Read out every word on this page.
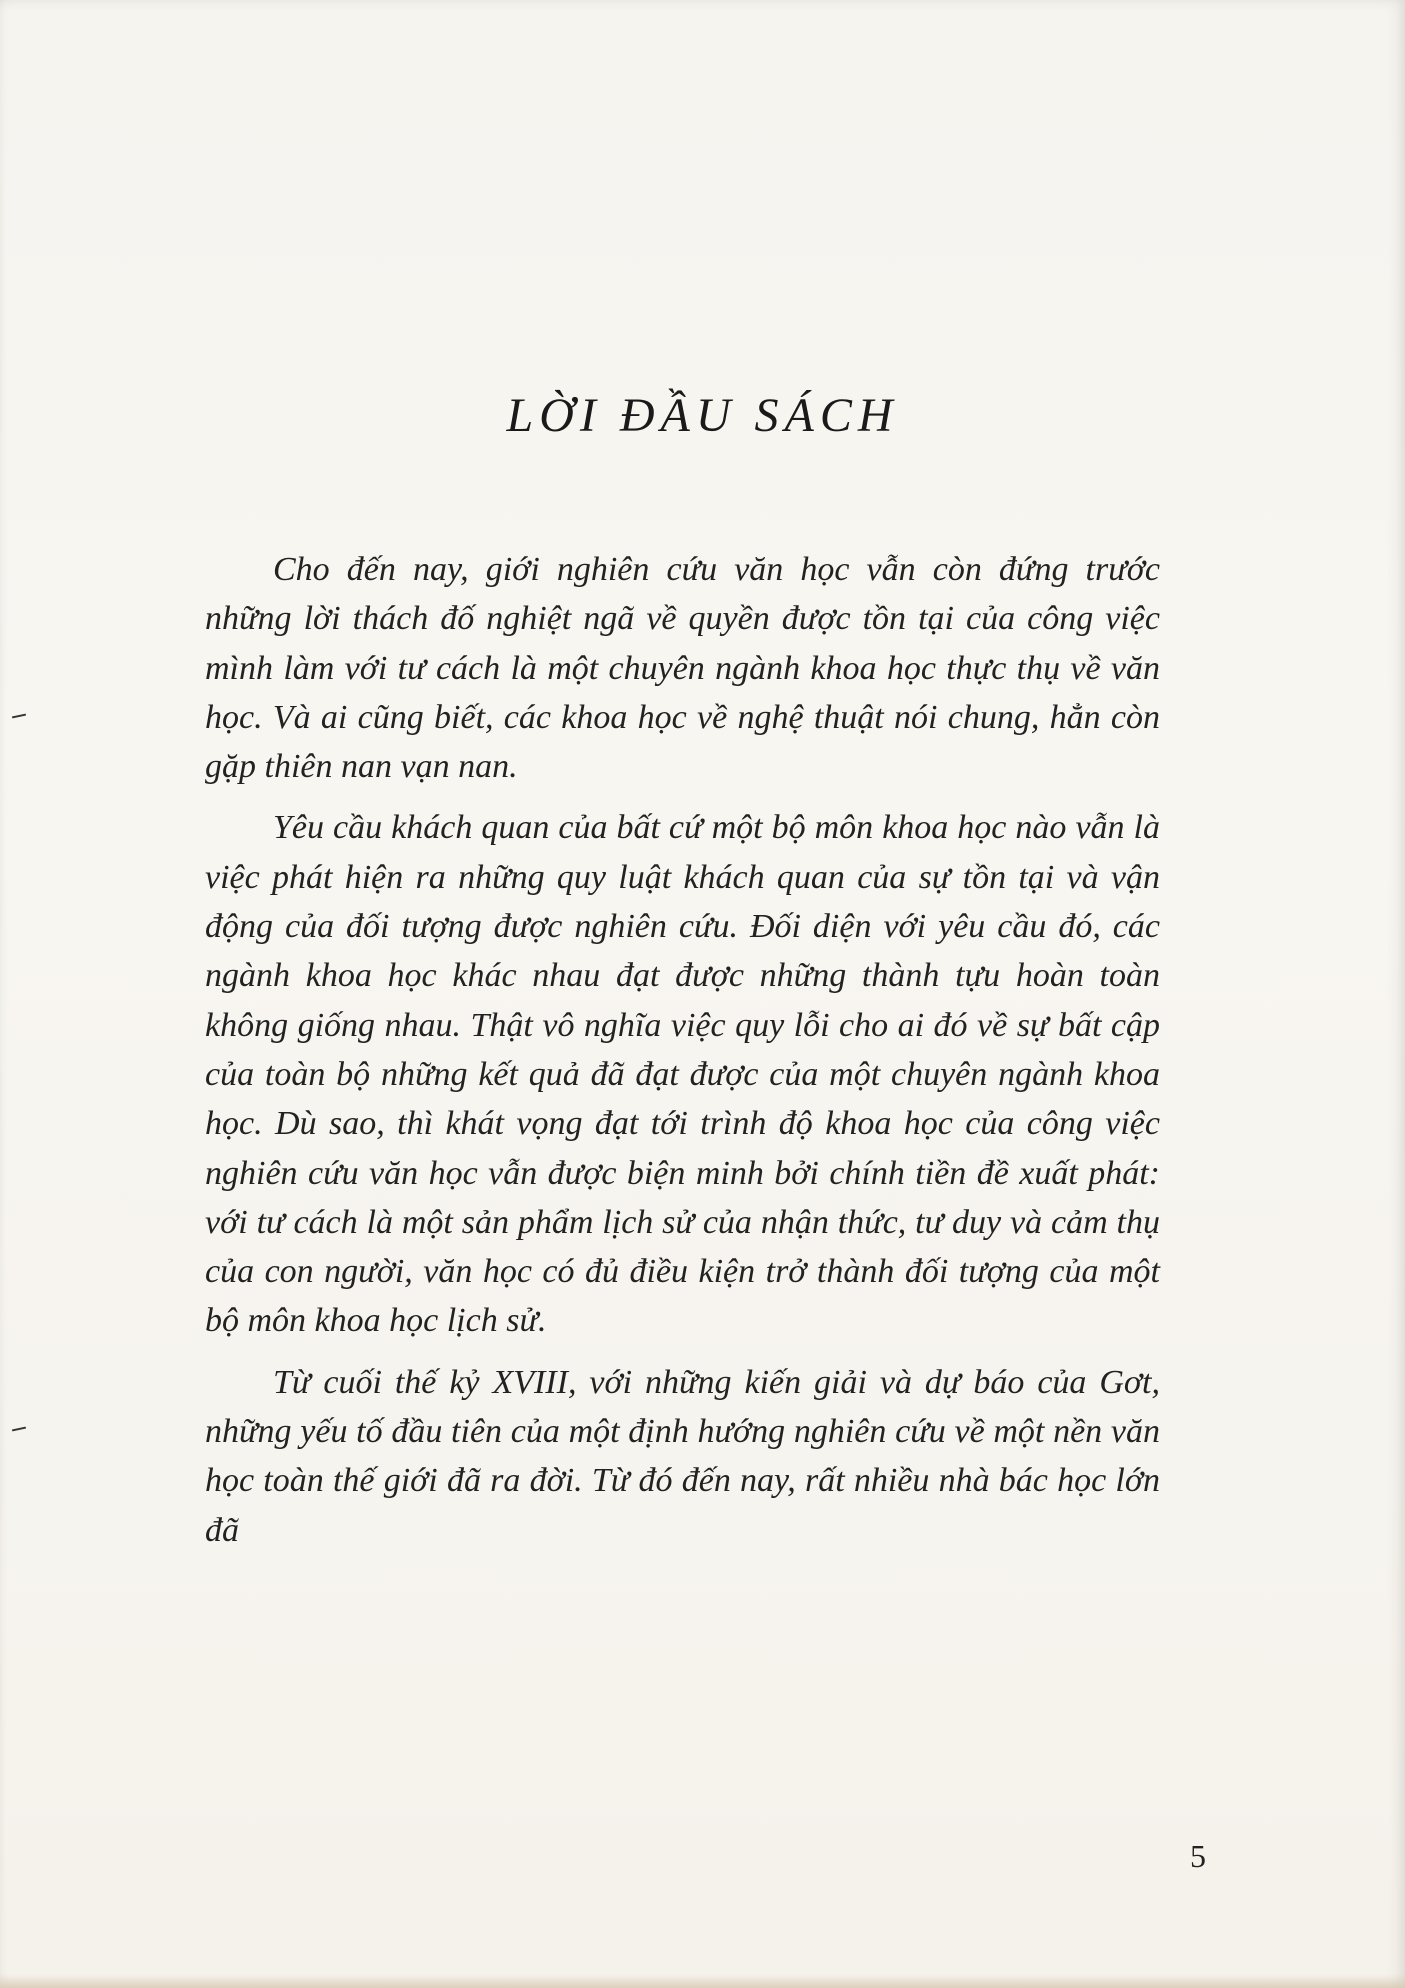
LỜI ĐẦU SÁCH

Cho đến nay, giới nghiên cứu văn học vẫn còn đứng trước những lời thách đố nghiệt ngã về quyền được tồn tại của công việc mình làm với tư cách là một chuyên ngành khoa học thực thụ về văn học. Và ai cũng biết, các khoa học về nghệ thuật nói chung, hẳn còn gặp thiên nan vạn nan.

Yêu cầu khách quan của bất cứ một bộ môn khoa học nào vẫn là việc phát hiện ra những quy luật khách quan của sự tồn tại và vận động của đối tượng được nghiên cứu. Đối diện với yêu cầu đó, các ngành khoa học khác nhau đạt được những thành tựu hoàn toàn không giống nhau. Thật vô nghĩa việc quy lỗi cho ai đó về sự bất cập của toàn bộ những kết quả đã đạt được của một chuyên ngành khoa học. Dù sao, thì khát vọng đạt tới trình độ khoa học của công việc nghiên cứu văn học vẫn được biện minh bởi chính tiền đề xuất phát: với tư cách là một sản phẩm lịch sử của nhận thức, tư duy và cảm thụ của con người, văn học có đủ điều kiện trở thành đối tượng của một bộ môn khoa học lịch sử.

Từ cuối thế kỷ XVIII, với những kiến giải và dự báo của Gơt, những yếu tố đầu tiên của một định hướng nghiên cứu về một nền văn học toàn thế giới đã ra đời. Từ đó đến nay, rất nhiều nhà bác học lớn đã

5
